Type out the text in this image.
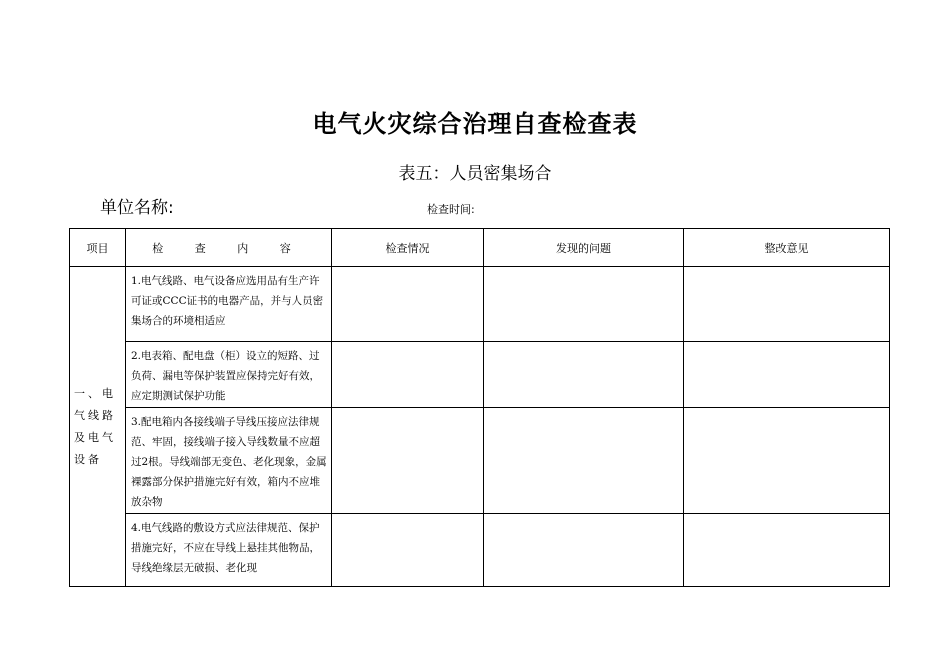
电气火灾综合治理自查检查表
表五：人员密集场合
单位名称:	检查时间:
项目	检 查 内 容	检查情况	发现的问题	整改意见
一、电气线路及电气设备	1.电气线路、电气设备应选用品有生产许可证或CCC证书的电器产品，并与人员密集场合的环境相适应			
	2.电表箱、配电盘（柜）设立的短路、过负荷、漏电等保护装置应保持完好有效，应定期测试保护功能			
	3.配电箱内各接线端子导线压接应法律规范、牢固，接线端子接入导线数量不应超过2根。导线端部无变色、老化现象，金属裸露部分保护措施完好有效，箱内不应堆放杂物			
	4.电气线路的敷设方式应法律规范、保护措施完好，不应在导线上悬挂其他物品，导线绝缘层无破损、老化现			
